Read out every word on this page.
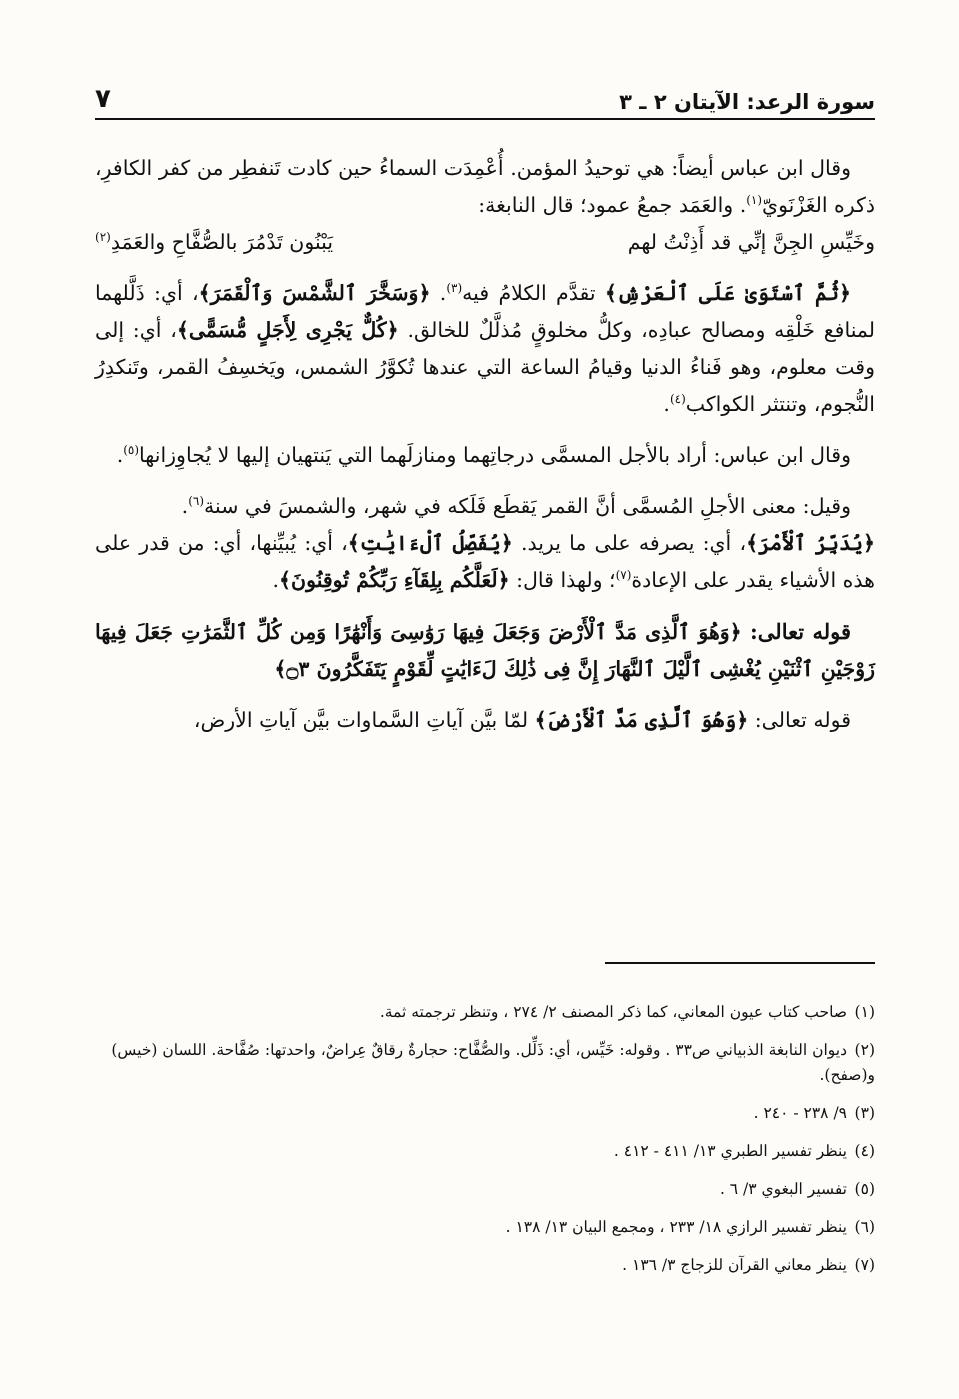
سورة الرعد: الآيتان ٢ ـ ٣
٧

وقال ابن عباس أيضاً: هي توحيدُ المؤمن. أُعْمِدَت السماءُ حين كادت تَنفطِر من كفر الكافرِ، ذكره الغَزْنَويّ$^{(١)}$. والعَمَد جمعُ عمود؛ قال النابغة:

وخَيِّسِ الجِنَّ إنِّي قد أَذِنْتُ لهم
يَبْنُون تَدْمُرَ بالصُّفَّاحِ والعَمَدِ$^{(٢)}$

﴿ثُمَّ ٱسْتَوَىٰ عَلَى ٱلْعَرْشِ﴾ تقدَّم الكلامُ فيه$^{(٣)}$. ﴿وَسَخَّرَ ٱلشَّمْسَ وَٱلْقَمَرَ﴾، أي: ذَلَّلهما لمنافع خَلْقِه ومصالح عبادِه، وكلُّ مخلوقٍ مُذلَّلٌ للخالق. ﴿كُلٌّ يَجْرِى لِأَجَلٍ مُّسَمًّى﴾، أي: إلى وقت معلوم، وهو فَناءُ الدنيا وقيامُ الساعة التي عندها تُكوَّرُ الشمس، ويَخسِفُ القمر، وتَنكدِرُ النُّجوم، وتنتثر الكواكب$^{(٤)}$.

وقال ابن عباس: أراد بالأجل المسمَّى درجاتِهما ومنازلَهما التي يَنتهيان إليها لا يُجاوِزانها$^{(٥)}$.

وقيل: معنى الأجلِ المُسمَّى أنَّ القمر يَقطَع فَلَكه في شهر، والشمسَ في سنة$^{(٦)}$.

﴿يُدَبِّرُ ٱلْأَمْرَ﴾، أي: يصرفه على ما يريد. ﴿يُفَصِّلُ ٱلْءَايَٰتِ﴾، أي: يُبيِّنها، أي: من قدر على هذه الأشياء يقدر على الإعادة$^{(٧)}$؛ ولهذا قال: ﴿لَعَلَّكُم بِلِقَآءِ رَبِّكُمْ تُوقِنُونَ﴾.

قوله تعالى: ﴿وَهُوَ ٱلَّذِى مَدَّ ٱلْأَرْضَ وَجَعَلَ فِيهَا رَوَٰسِىَ وَأَنْهَٰرًا وَمِن كُلِّ ٱلثَّمَرَٰتِ جَعَلَ فِيهَا زَوْجَيْنِ ٱثْنَيْنِ يُغْشِى ٱلَّيْلَ ٱلنَّهَارَ إِنَّ فِى ذَٰلِكَ لَءَايَٰتٍ لِّقَوْمٍ يَتَفَكَّرُونَ ۝٣﴾

قوله تعالى: ﴿وَهُوَ ٱلَّذِى مَدَّ ٱلْأَرْضَ﴾ لمّا بيَّن آياتِ السَّماوات بيَّن آياتِ الأرض،

(١)صاحب كتاب عيون المعاني، كما ذكر المصنف ٢/ ٢٧٤ ، وتنظر ترجمته ثمة.

(٢)ديوان النابغة الذبياني ص٣٣ . وقوله: خَيِّس، أي: ذَلِّل. والصُّفَّاح: حجارةٌ رقاقٌ عِراضٌ، واحدتها: صُفَّاحة. اللسان (خيس) و(صفح).

(٣)٩/ ٢٣٨ - ٢٤٠ .

(٤)ينظر تفسير الطبري ١٣/ ٤١١ - ٤١٢ .

(٥)تفسير البغوي ٣/ ٦ .

(٦)ينظر تفسير الرازي ١٨/ ٢٣٣ ، ومجمع البيان ١٣/ ١٣٨ .

(٧)ينظر معاني القرآن للزجاج ٣/ ١٣٦ .
